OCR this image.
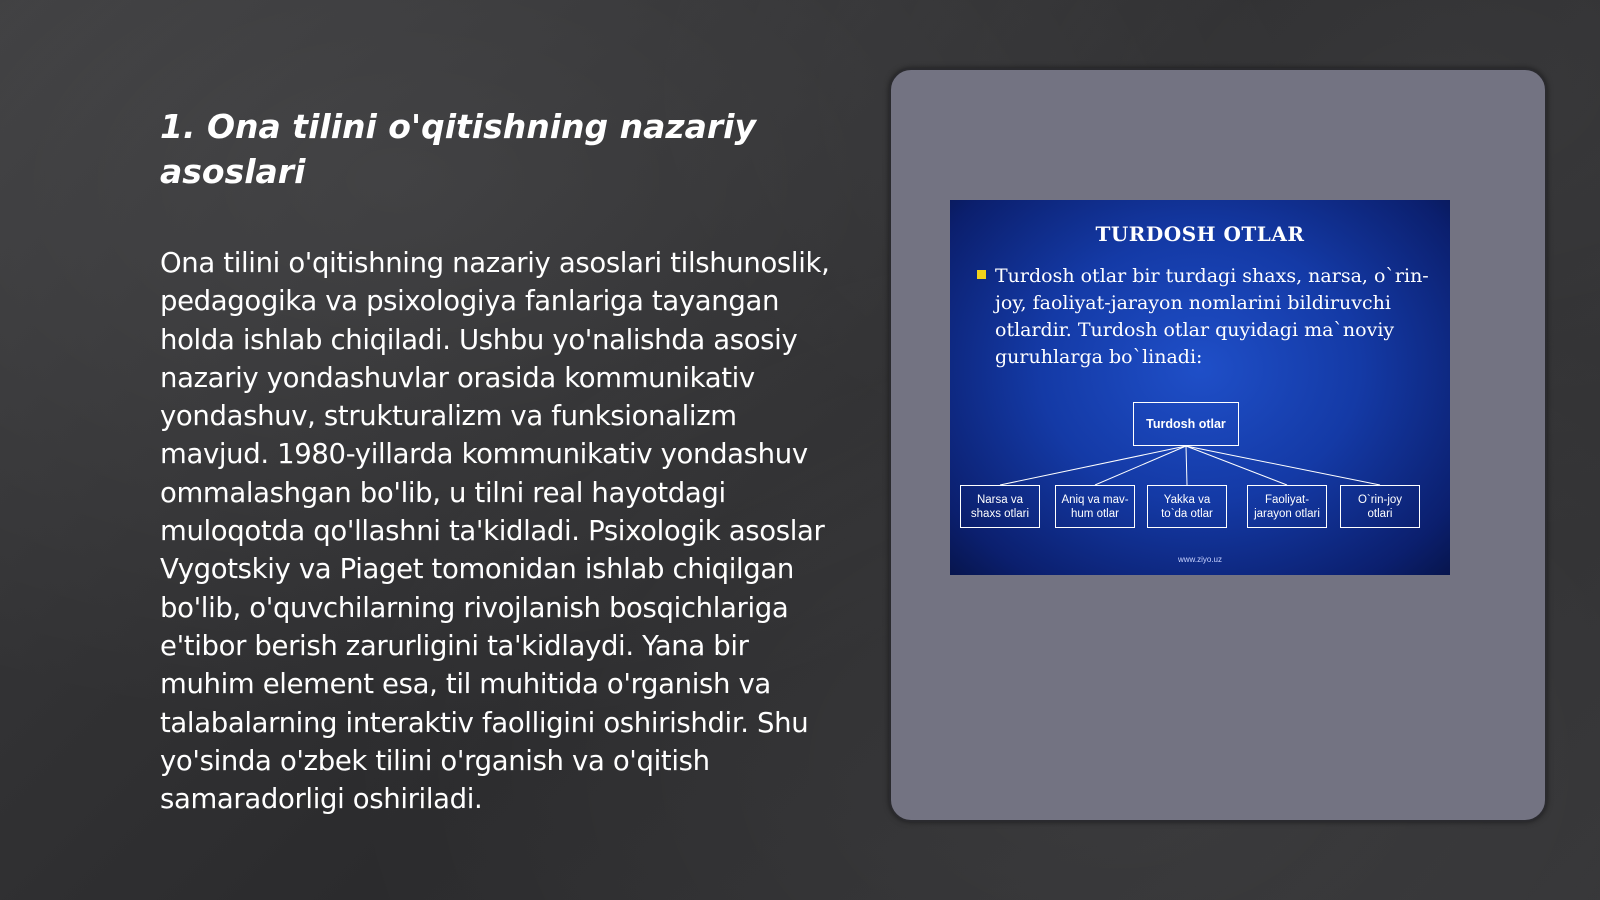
1. Ona tilini o'qitishning nazariy asoslari

Ona tilini o'qitishning nazariy asoslari tilshunoslik, pedagogika va psixologiya fanlariga tayangan holda ishlab chiqiladi. Ushbu yo'nalishda asosiy nazariy yondashuvlar orasida kommunikativ yondashuv, strukturalizm va funksionalizm mavjud. 1980-yillarda kommunikativ yondashuv ommalashgan bo'lib, u tilni real hayotdagi muloqotda qo'llashni ta'kidladi. Psixologik asoslar Vygotskiy va Piaget tomonidan ishlab chiqilgan bo'lib, o'quvchilarning rivojlanish bosqichlariga e'tibor berish zarurligini ta'kidlaydi. Yana bir muhim element esa, til muhitida o'rganish va talabalarning interaktiv faolligini oshirishdir. Shu yo'sinda o'zbek tilini o'rganish va o'qitish samaradorligi oshiriladi.

TURDOSH OTLAR
Turdosh otlar bir turdagi shaxs, narsa, o`rin-joy, faoliyat-jarayon nomlarini bildiruvchi otlardir. Turdosh otlar quyidagi ma`noviy guruhlarga bo`linadi:
Turdosh otlar
Narsa va
shaxs otlari
Aniq va mav-
hum otlar
Yakka va
to`da otlar
Faoliyat-
jarayon otlari
O`rin-joy
otlari
www.ziyo.uz
